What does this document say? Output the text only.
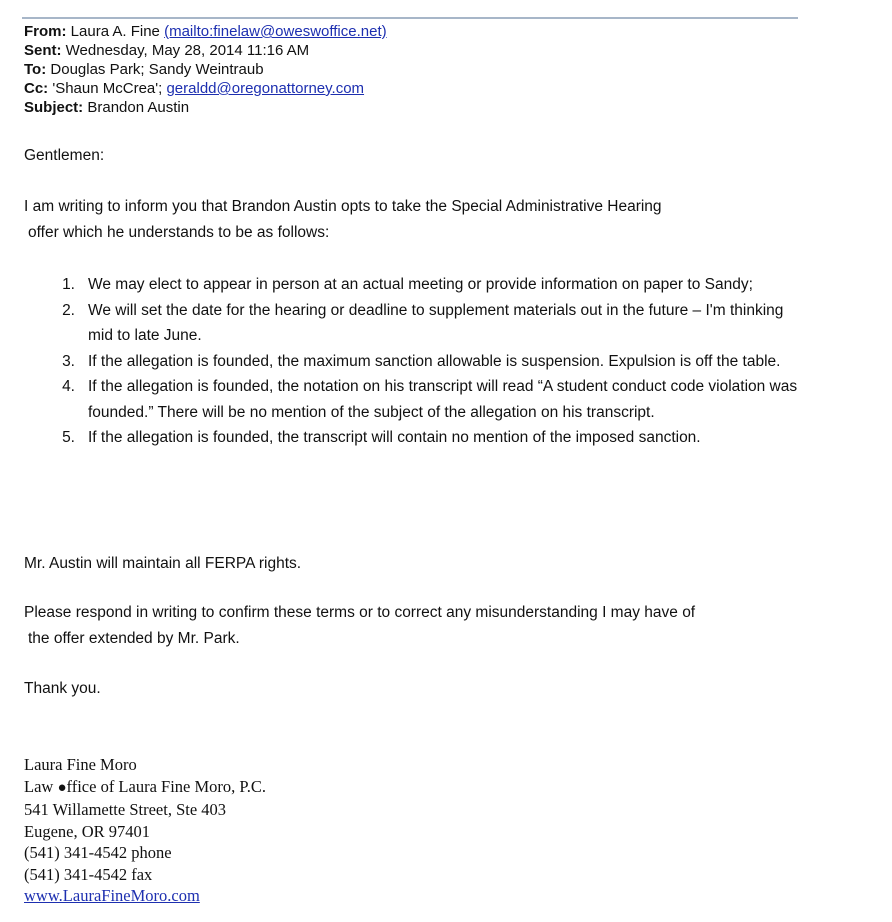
From: Laura A. Fine (mailto:finelaw@oweswoffice.net)
Sent: Wednesday, May 28, 2014 11:16 AM
To: Douglas Park; Sandy Weintraub
Cc: 'Shaun McCrea'; geraldd@oregonattorney.com
Subject: Brandon Austin

Gentlemen:

I am writing to inform you that Brandon Austin opts to take the Special Administrative Hearing
offer which he understands to be as follows:

1. We may elect to appear in person at an actual meeting or provide information on paper to Sandy;
2. We will set the date for the hearing or deadline to supplement materials out in the future – I'm thinking mid to late June.
3. If the allegation is founded, the maximum sanction allowable is suspension. Expulsion is off the table.
4. If the allegation is founded, the notation on his transcript will read “A student conduct code violation was founded.” There will be no mention of the subject of the allegation on his transcript.
5. If the allegation is founded, the transcript will contain no mention of the imposed sanction.

Mr. Austin will maintain all FERPA rights.

Please respond in writing to confirm these terms or to correct any misunderstanding I may have of
the offer extended by Mr. Park.

Thank you.

Laura Fine Moro
Law ●ffice of Laura Fine Moro, P.C.
541 Willamette Street, Ste 403
Eugene, OR 97401
(541) 341-4542 phone
(541) 341-4542 fax
www.LauraFineMoro.com
